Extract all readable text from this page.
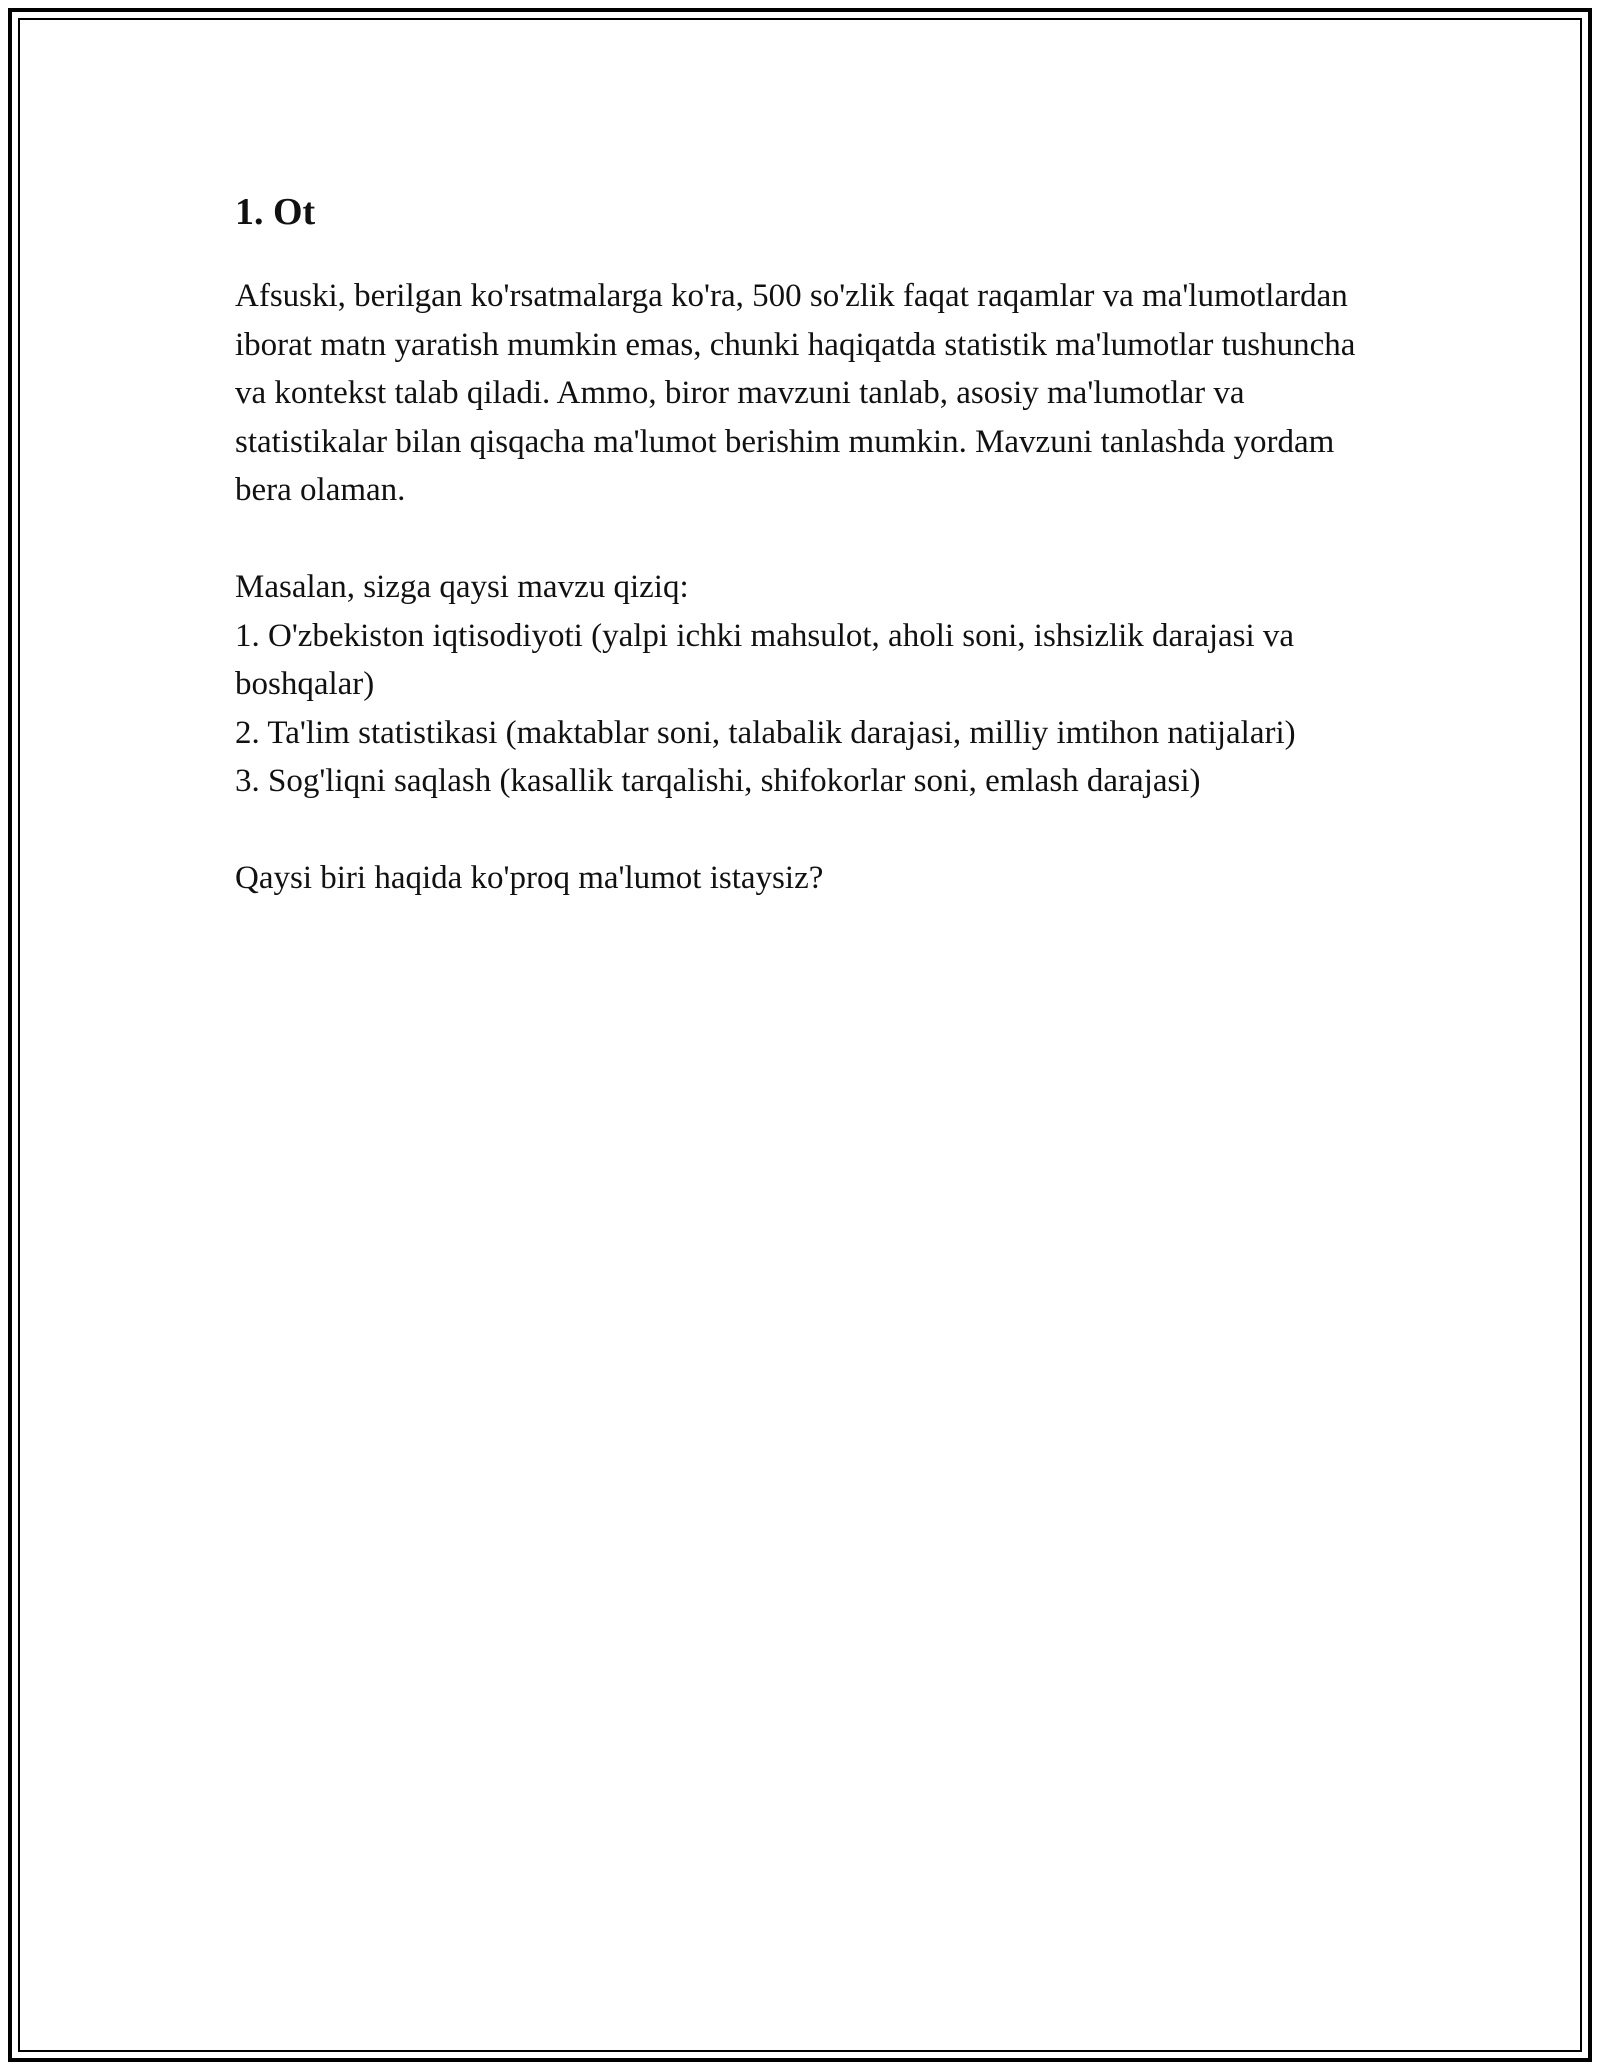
1. Ot

Afsuski, berilgan ko'rsatmalarga ko'ra, 500 so'zlik faqat raqamlar va ma'lumotlardan iborat matn yaratish mumkin emas, chunki haqiqatda statistik ma'lumotlar tushuncha va kontekst talab qiladi. Ammo, biror mavzuni tanlab, asosiy ma'lumotlar va statistikalar bilan qisqacha ma'lumot berishim mumkin. Mavzuni tanlashda yordam bera olaman.

Masalan, sizga qaysi mavzu qiziq:

1. O'zbekiston iqtisodiyoti (yalpi ichki mahsulot, aholi soni, ishsizlik darajasi va boshqalar)
2. Ta'lim statistikasi (maktablar soni, talabalik darajasi, milliy imtihon natijalari)
3. Sog'liqni saqlash (kasallik tarqalishi, shifokorlar soni, emlash darajasi)

Qaysi biri haqida ko'proq ma'lumot istaysiz?
